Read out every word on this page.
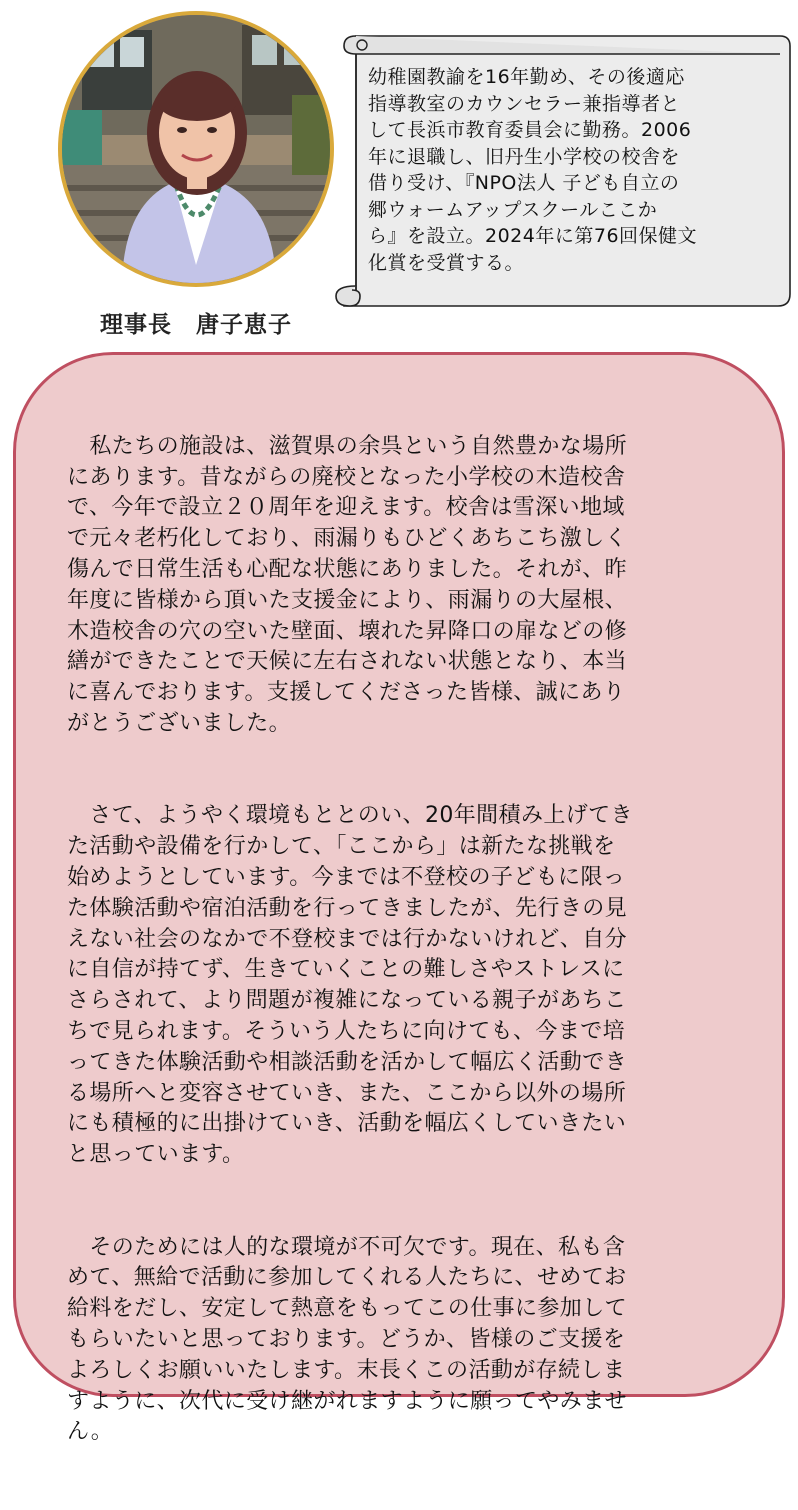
理事長　唐子恵子
幼稚園教諭を16年勤め、その後適応
指導教室のカウンセラー兼指導者と
して長浜市教育委員会に勤務。2006
年に退職し、旧丹生小学校の校舎を
借り受け、『NPO法人 子ども自立の
郷ウォームアップスクールここか
ら』を設立。2024年に第76回保健文
化賞を受賞する。

　私たちの施設は、滋賀県の余呉という自然豊かな場所
にあります。昔ながらの廃校となった小学校の木造校舎
で、今年で設立２０周年を迎えます。校舎は雪深い地域
で元々老朽化しており、雨漏りもひどくあちこち激しく
傷んで日常生活も心配な状態にありました。それが、昨
年度に皆様から頂いた支援金により、雨漏りの大屋根、
木造校舎の穴の空いた壁面、壊れた昇降口の扉などの修
繕ができたことで天候に左右されない状態となり、本当
に喜んでおります。支援してくださった皆様、誠にあり
がとうございました。

　さて、ようやく環境もととのい、20年間積み上げてき
た活動や設備を行かして、「ここから」は新たな挑戦を
始めようとしています。今までは不登校の子どもに限っ
た体験活動や宿泊活動を行ってきましたが、先行きの見
えない社会のなかで不登校までは行かないけれど、自分
に自信が持てず、生きていくことの難しさやストレスに
さらされて、より問題が複雑になっている親子があちこ
ちで見られます。そういう人たちに向けても、今まで培
ってきた体験活動や相談活動を活かして幅広く活動でき
る場所へと変容させていき、また、ここから以外の場所
にも積極的に出掛けていき、活動を幅広くしていきたい
と思っています。

　そのためには人的な環境が不可欠です。現在、私も含
めて、無給で活動に参加してくれる人たちに、せめてお
給料をだし、安定して熱意をもってこの仕事に参加して
もらいたいと思っております。どうか、皆様のご支援を
よろしくお願いいたします。末長くこの活動が存続しま
すように、次代に受け継がれますように願ってやみませ
ん。
